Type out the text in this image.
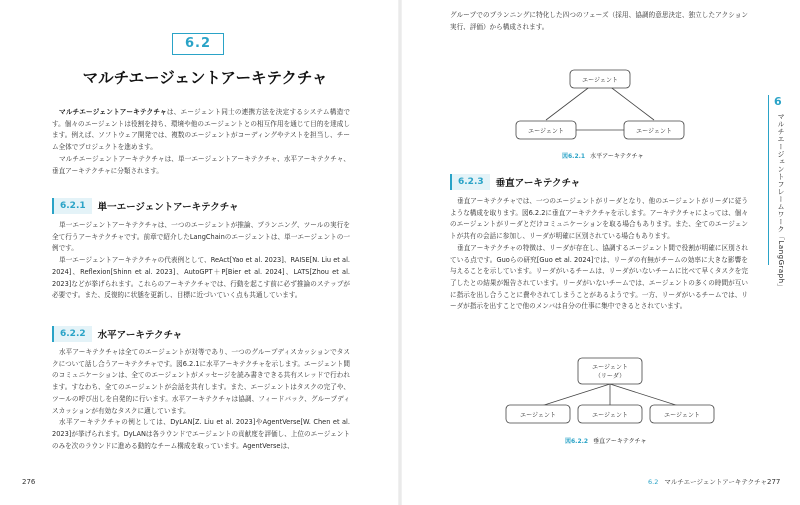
6.2
マルチエージェントアーキテクチャ

マルチエージェントアーキテクチャは、エージェント同士の連携方法を決定するシステム構造です。個々のエージェントは役割を持ち、環境や他のエージェントとの相互作用を通じて目的を達成します。例えば、ソフトウェア開発では、複数のエージェントがコーディングやテストを担当し、チーム全体でプロジェクトを進めます。

マルチエージェントアーキテクチャは、単一エージェントアーキテクチャ、水平アーキテクチャ、垂直アーキテクチャに分類されます。

6.2.1	単一エージェントアーキテクチャ

単一エージェントアーキテクチャは、一つのエージェントが推論、プランニング、ツールの実行を全て行うアーキテクチャです。前章で紹介したLangChainのエージェントは、単一エージェントの一例です。

単一エージェントアーキテクチャの代表例として、ReAct[Yao et al. 2023]、RAISE[N. Liu et al. 2024]、Reflexion[Shinn et al. 2023]、AutoGPT＋P[Bier et al. 2024]、LATS[Zhou et al. 2023]などが挙げられます。これらのアーキテクチャでは、行動を起こす前に必ず推論のステップが必要です。また、反復的に状態を更新し、目標に近づいていく点も共通しています。

6.2.2	水平アーキテクチャ

水平アーキテクチャは全てのエージェントが対等であり、一つのグループディスカッションでタスクについて話し合うアーキテクチャです。図6.2.1に水平アーキテクチャを示します。エージェント間のコミュニケーションは、全てのエージェントがメッセージを読み書きできる共有スレッドで行われます。すなわち、全てのエージェントが会話を共有します。また、エージェントはタスクの完了や、ツールの呼び出しを自発的に行います。水平アーキテクチャは協調、フィードバック、グループディスカッションが有効なタスクに適しています。

水平アーキテクチャの例としては、DyLAN[Z. Liu et al. 2023]やAgentVerse[W. Chen et al. 2023]が挙げられます。DyLANは各ラウンドでエージェントの貢献度を評価し、上位のエージェントのみを次のラウンドに進める動的なチーム構成を取っています。AgentVerseは、

276

グループでのプランニングに特化した四つのフェーズ（採用、協調的意思決定、独立したアクション実行、評価）から構成されます。

エージェント
エージェント	エージェント
図6.2.1 水平アーキテクチャ
6.2.3	垂直アーキテクチャ

垂直アーキテクチャでは、一つのエージェントがリーダとなり、他のエージェントがリーダに従うような構成を取ります。図6.2.2に垂直アーキテクチャを示します。アーキテクチャによっては、個々のエージェントがリーダとだけコミュニケーションを取る場合もあります。また、全てのエージェントが共有の会話に参加し、リーダが明確に区別されている場合もあります。

垂直アーキテクチャの特徴は、リーダが存在し、協調するエージェント間で役割が明確に区別されている点です。Guoらの研究[Guo et al. 2024]では、リーダの有無がチームの効率に大きな影響を与えることを示しています。リーダがいるチームは、リーダがいないチームに比べて早くタスクを完了したとの結果が報告されています。リーダがいないチームでは、エージェントの多くの時間が互いに指示を出し合うことに費やされてしまうことがあるようです。一方、リーダがいるチームでは、リーダが指示を出すことで他のメンバは自分の仕事に集中できるとされています。

エージェント
（リーダ）
エージェント	エージェント	エージェント
図6.2.2 垂直アーキテクチャ
6.2 マルチエージェントアーキテクチャ 277
6
マルチエージェントフレームワーク「LangGraph」
